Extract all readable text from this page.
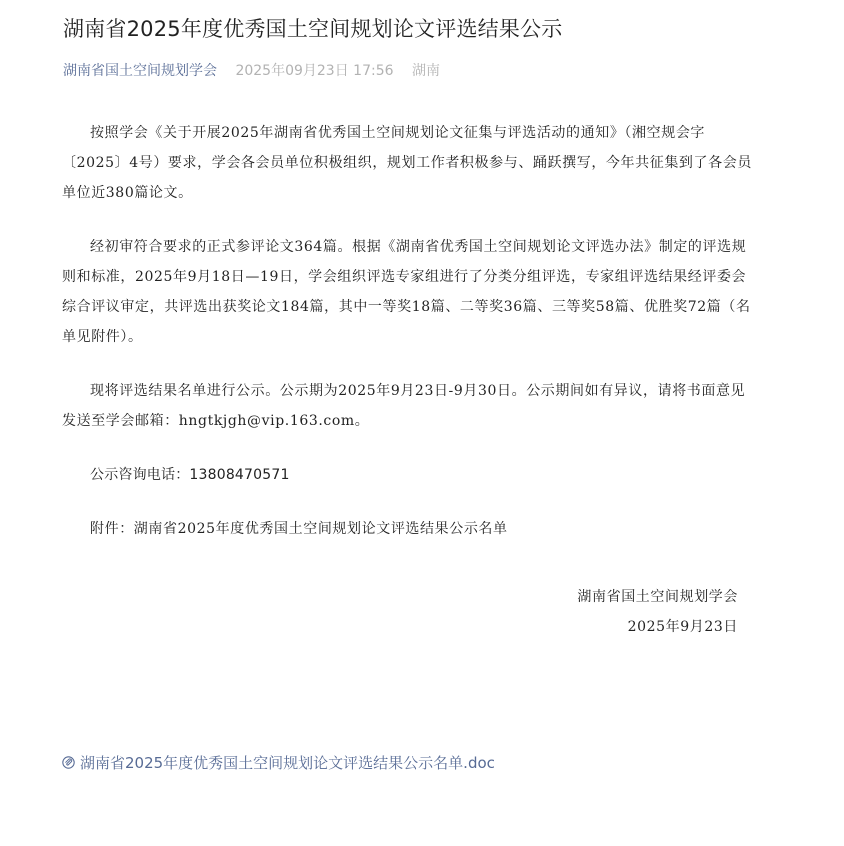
湖南省2025年度优秀国土空间规划论文评选结果公示
湖南省国土空间规划学会 2025年09月23日 17:56 湖南

按照学会《关于开展2025年湖南省优秀国土空间规划论文征集与评选活动的通知》（湘空规会字〔2025〕4号）要求，学会各会员单位积极组织，规划工作者积极参与、踊跃撰写，今年共征集到了各会员单位近380篇论文。

经初审符合要求的正式参评论文364篇。根据《湖南省优秀国土空间规划论文评选办法》制定的评选规则和标准，2025年9月18日—19日，学会组织评选专家组进行了分类分组评选，专家组评选结果经评委会综合评议审定，共评选出获奖论文184篇，其中一等奖18篇、二等奖36篇、三等奖58篇、优胜奖72篇（名单见附件）。

现将评选结果名单进行公示。公示期为2025年9月23日-9月30日。公示期间如有异议，请将书面意见发送至学会邮箱：hngtkjgh@vip.163.com。

公示咨询电话：13808470571

附件：湖南省2025年度优秀国土空间规划论文评选结果公示名单

湖南省国土空间规划学会
2025年9月23日
湖南省2025年度优秀国土空间规划论文评选结果公示名单.doc
